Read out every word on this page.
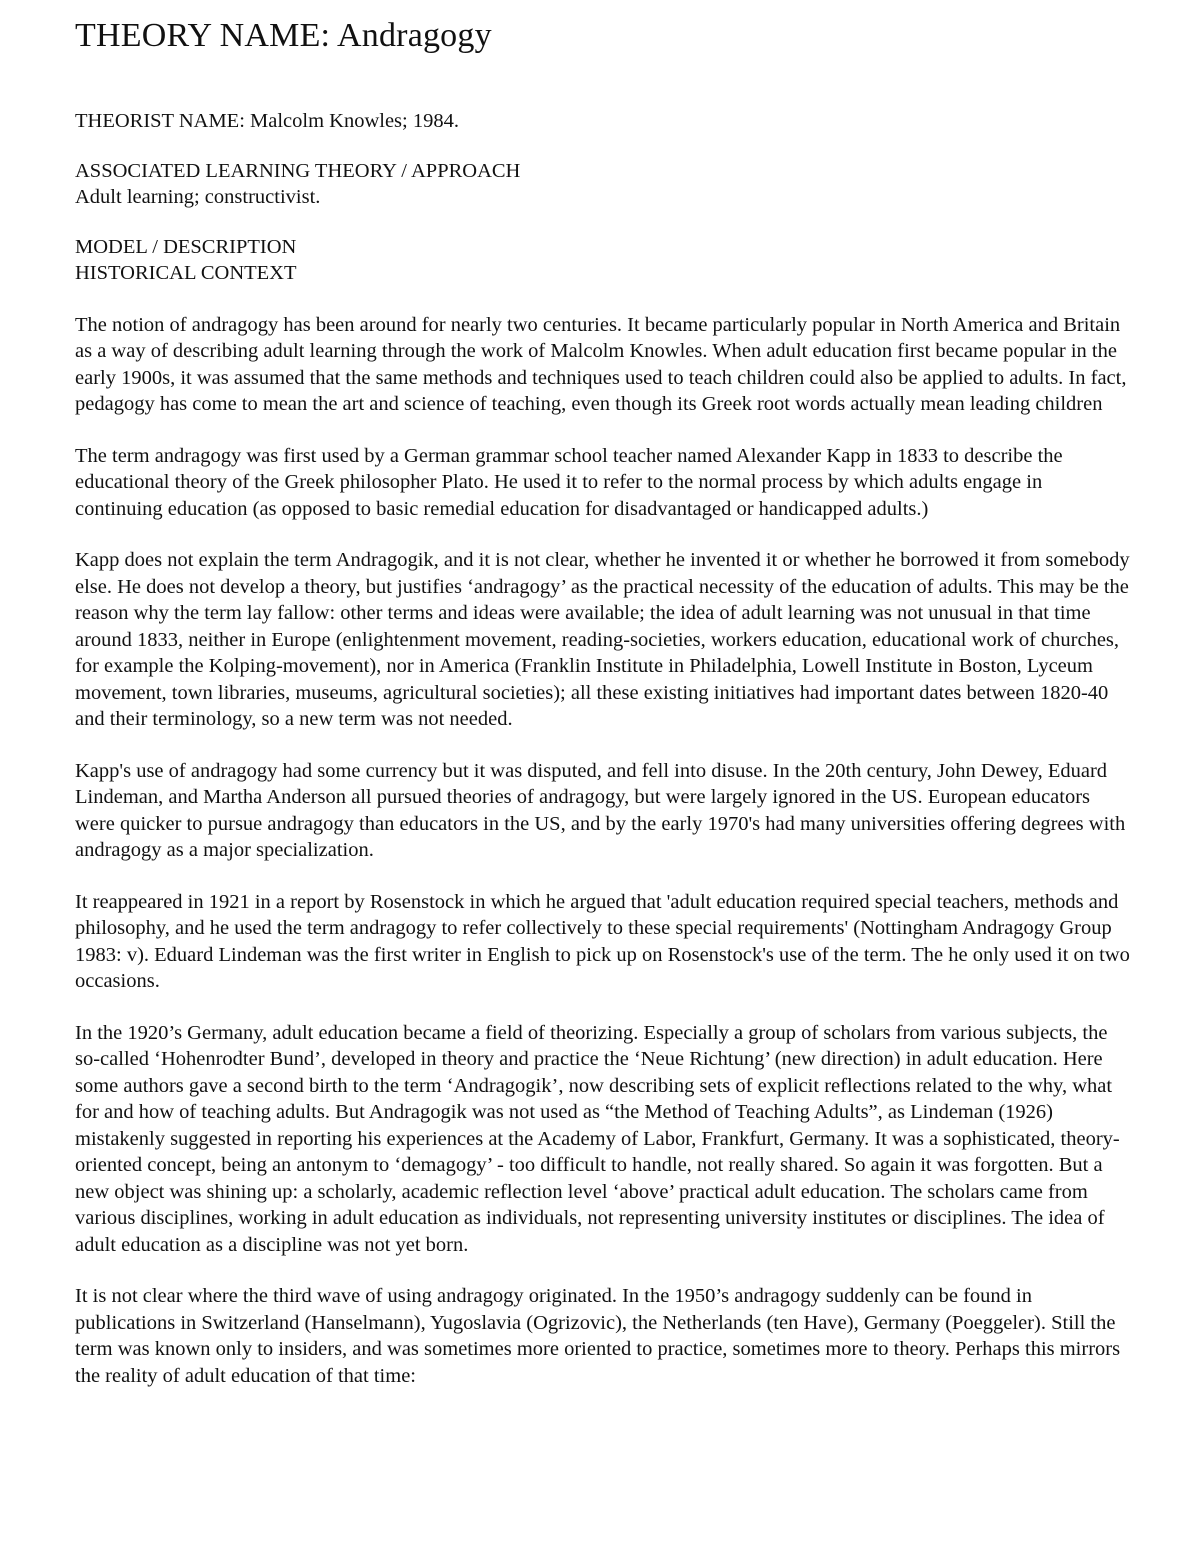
THEORY NAME: Andragogy

THEORIST NAME: Malcolm Knowles; 1984.

ASSOCIATED LEARNING THEORY / APPROACH
Adult learning; constructivist.
MODEL / DESCRIPTION
HISTORICAL CONTEXT

The notion of andragogy has been around for nearly two centuries. It became particularly popular in North America and Britain as a way of describing adult learning through the work of Malcolm Knowles. When adult education first became popular in the early 1900s, it was assumed that the same methods and techniques used to teach children could also be applied to adults. In fact, pedagogy has come to mean the art and science of teaching, even though its Greek root words actually mean leading children

The term andragogy was first used by a German grammar school teacher named Alexander Kapp in 1833 to describe the educational theory of the Greek philosopher Plato. He used it to refer to the normal process by which adults engage in continuing education (as opposed to basic remedial education for disadvantaged or handicapped adults.)

Kapp does not explain the term Andragogik, and it is not clear, whether he invented it or whether he borrowed it from somebody else. He does not develop a theory, but justifies ‘andragogy’ as the practical necessity of the education of adults. This may be the reason why the term lay fallow: other terms and ideas were available; the idea of adult learning was not unusual in that time around 1833, neither in Europe (enlightenment movement, reading-societies, workers education, educational work of churches, for example the Kolping-movement), nor in America (Franklin Institute in Philadelphia, Lowell Institute in Boston, Lyceum movement, town libraries, museums, agricultural societies); all these existing initiatives had important dates between 1820-40 and their terminology, so a new term was not needed.

Kapp's use of andragogy had some currency but it was disputed, and fell into disuse. In the 20th century, John Dewey, Eduard Lindeman, and Martha Anderson all pursued theories of andragogy, but were largely ignored in the US. European educators were quicker to pursue andragogy than educators in the US, and by the early 1970's had many universities offering degrees with andragogy as a major specialization.

It reappeared in 1921 in a report by Rosenstock in which he argued that 'adult education required special teachers, methods and philosophy, and he used the term andragogy to refer collectively to these special requirements' (Nottingham Andragogy Group 1983: v). Eduard Lindeman was the first writer in English to pick up on Rosenstock's use of the term. The he only used it on two occasions.

In the 1920’s Germany, adult education became a field of theorizing. Especially a group of scholars from various subjects, the so-called ‘Hohenrodter Bund’, developed in theory and practice the ‘Neue Richtung’ (new direction) in adult education. Here some authors gave a second birth to the term ‘Andragogik’, now describing sets of explicit reflections related to the why, what for and how of teaching adults. But Andragogik was not used as “the Method of Teaching Adults”, as Lindeman (1926) mistakenly suggested in reporting his experiences at the Academy of Labor, Frankfurt, Germany. It was a sophisticated, theory-oriented concept, being an antonym to ‘demagogy’ - too difficult to handle, not really shared. So again it was forgotten. But a new object was shining up: a scholarly, academic reflection level ‘above’ practical adult education. The scholars came from various disciplines, working in adult education as individuals, not representing university institutes or disciplines. The idea of adult education as a discipline was not yet born.

It is not clear where the third wave of using andragogy originated. In the 1950’s andragogy suddenly can be found in publications in Switzerland (Hanselmann), Yugoslavia (Ogrizovic), the Netherlands (ten Have), Germany (Poeggeler). Still the term was known only to insiders, and was sometimes more oriented to practice, sometimes more to theory. Perhaps this mirrors the reality of adult education of that time:
